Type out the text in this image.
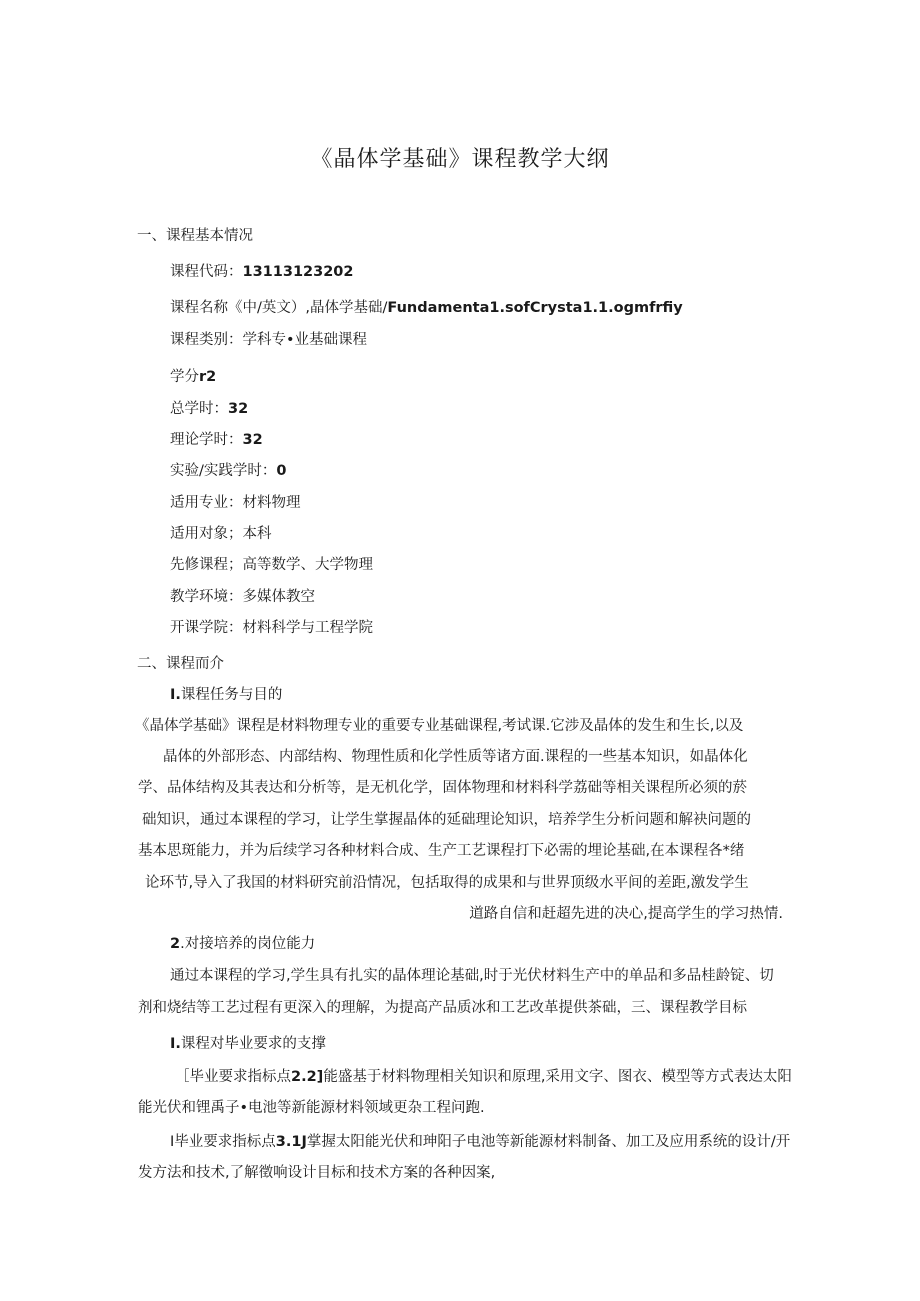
《晶体学基础》课程教学大纲
一、课程基本情况
课程代码：13113123202
课程名称《中/英文）,晶体学基础/Fundamenta1.sofCrysta1.1.ogmfrfiy
课程类别：学科专•业基础课程
学分r2
总学时：32
理论学时：32
实验/实践学时：0
适用专业：材料物理
适用对象；本科
先修课程；高等数学、大学物理
教学环境：多媒体教空
开课学院：材料科学与工程学院
二、课程而介
I.课程任务与目的
《晶体学基础》课程是材料物理专业的重要专业基础课程,考试课.它涉及晶体的发生和生长,以及
晶体的外部形态、内部结构、物理性质和化学性质等诸方面.课程的一些基本知识，如晶体化
学、品体结构及其表达和分析等，是无机化学，固体物理和材料科学荔础等相关课程所必须的菸
础知识，通过本课程的学习，让学生掌握晶体的延础理论知识，培养学生分析问题和解袂问题的
基本思斑能力，并为后续学习各种材料合成、生产工艺课程打下必需的埋论基础,在本课程各*绪
论环节,导入了我国的材料研究前沿情况，包括取得的成果和与世界顶级水平间的差距,激发学生
道路自信和赶超先进的决心,提高学生的学习热情.
2.对接培养的岗位能力
通过本课程的学习,学生具有扎实的晶体理论基础,时于光伏材料生产中的单品和多品桂龄锭、切
剂和烧结等工艺过程有更深入的理解，为提高产品质冰和工艺改革提供茶础，三、课程教学目标
I.课程对毕业要求的支撑
［毕业要求指标点2.2]能盛基于材料物理相关知识和原理,采用文字、图衣、模型等方式表达太阳
能光伏和锂禹子•电池等新能源材料领域更杂工程问跑.
I毕业要求指标点3.1J掌握太阳能光伏和珅阳子电池等新能源材料制备、加工及应用系统的设计/开
发方法和技术,了解徵响设计目标和技术方案的各种因案,
